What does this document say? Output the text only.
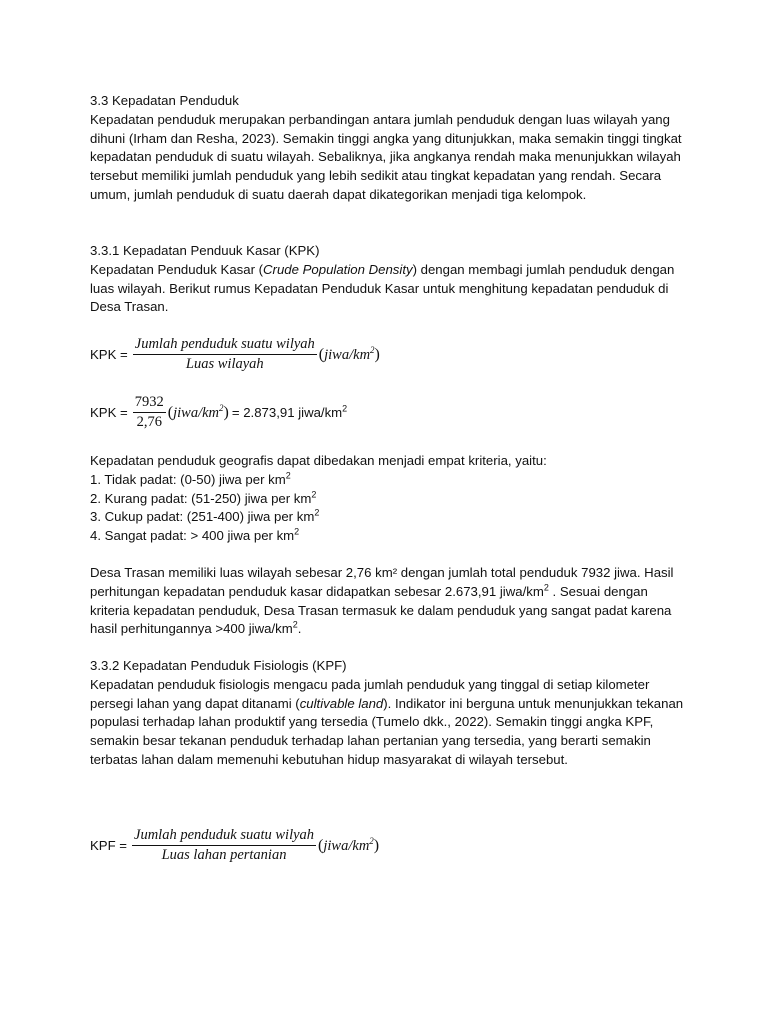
3.3 Kepadatan Penduduk

Kepadatan penduduk merupakan perbandingan antara jumlah penduduk dengan luas wilayah yang dihuni (Irham dan Resha, 2023). Semakin tinggi angka yang ditunjukkan, maka semakin tinggi tingkat kepadatan penduduk di suatu wilayah. Sebaliknya, jika angkanya rendah maka menunjukkan wilayah tersebut memiliki jumlah penduduk yang lebih sedikit atau tingkat kepadatan yang rendah. Secara umum, jumlah penduduk di suatu daerah dapat dikategorikan menjadi tiga kelompok.

3.3.1 Kepadatan Penduuk Kasar (KPK)

Kepadatan Penduduk Kasar (Crude Population Density) dengan membagi jumlah penduduk dengan luas wilayah. Berikut rumus Kepadatan Penduduk Kasar untuk menghitung kepadatan penduduk di Desa Trasan.

KPK = $\frac{\text{Jumlah penduduk suatu wilyah}}{\text{Luas wilayah}}$ $(jiwa/km^2)$
KPK = $\frac{7932}{2,76}$ $(jiwa/km^2) = 2.873,91$ jiwa/$km^2$

Kepadatan penduduk geografis dapat dibedakan menjadi empat kriteria, yaitu:

1. Tidak padat: (0-50) jiwa per $km^2$

2. Kurang padat: (51-250) jiwa per $km^2$

3. Cukup padat: (251-400) jiwa per $km^2$

4. Sangat padat: > 400 jiwa per $km^2$

Desa Trasan memiliki luas wilayah sebesar 2,76 km² dengan jumlah total penduduk 7932 jiwa. Hasil perhitungan kepadatan penduduk kasar didapatkan sebesar 2.673,91 jiwa/$km^2$ . Sesuai dengan kriteria kepadatan penduduk, Desa Trasan termasuk ke dalam penduduk yang sangat padat karena hasil perhitungannya >400 jiwa/$km^2$.

3.3.2 Kepadatan Penduduk Fisiologis (KPF)

Kepadatan penduduk fisiologis mengacu pada jumlah penduduk yang tinggal di setiap kilometer persegi lahan yang dapat ditanami (cultivable land). Indikator ini berguna untuk menunjukkan tekanan populasi terhadap lahan produktif yang tersedia (Tumelo dkk., 2022). Semakin tinggi angka KPF, semakin besar tekanan penduduk terhadap lahan pertanian yang tersedia, yang berarti semakin terbatas lahan dalam memenuhi kebutuhan hidup masyarakat di wilayah tersebut.

KPF = $\frac{\text{Jumlah penduduk suatu wilyah}}{\text{Luas lahan pertanian}}$ $(jiwa/km^2)$
